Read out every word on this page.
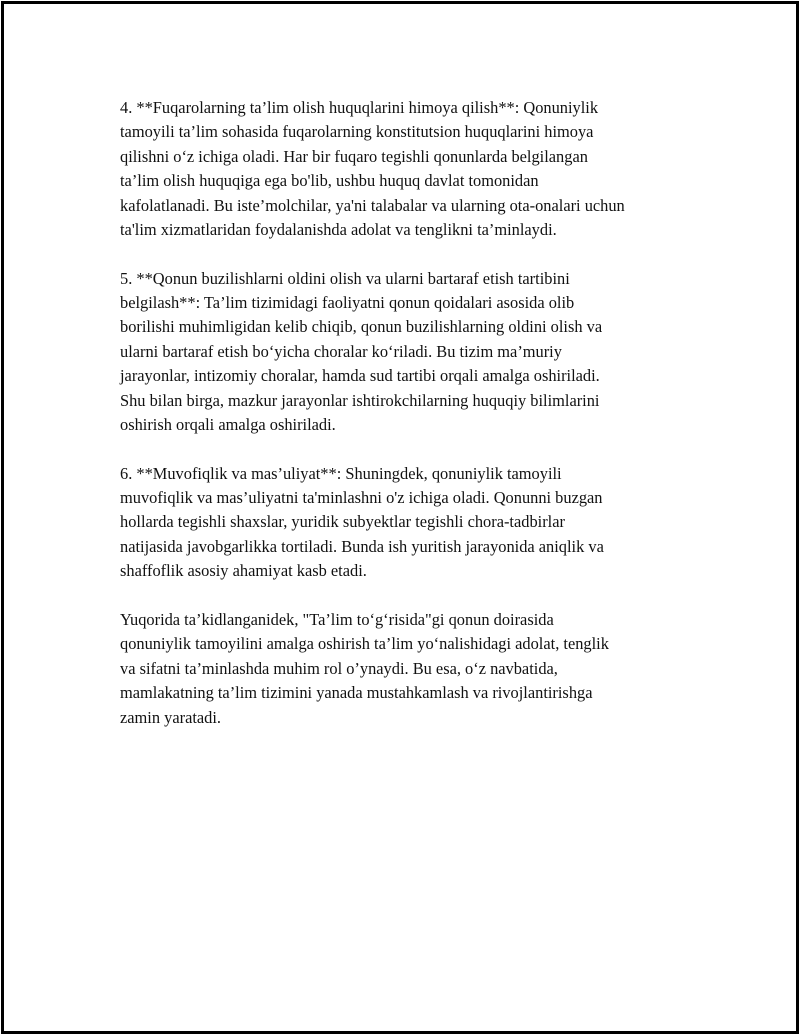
4. **Fuqarolarning ta’lim olish huquqlarini himoya qilish**: Qonuniylik
tamoyili ta’lim sohasida fuqarolarning konstitutsion huquqlarini himoya
qilishni o‘z ichiga oladi. Har bir fuqaro tegishli qonunlarda belgilangan
ta’lim olish huquqiga ega bo'lib, ushbu huquq davlat tomonidan
kafolatlanadi. Bu iste’molchilar, ya'ni talabalar va ularning ota-onalari uchun
ta'lim xizmatlaridan foydalanishda adolat va tenglikni ta’minlaydi.

5. **Qonun buzilishlarni oldini olish va ularni bartaraf etish tartibini
belgilash**: Ta’lim tizimidagi faoliyatni qonun qoidalari asosida olib
borilishi muhimligidan kelib chiqib, qonun buzilishlarning oldini olish va
ularni bartaraf etish bo‘yicha choralar ko‘riladi. Bu tizim ma’muriy
jarayonlar, intizomiy choralar, hamda sud tartibi orqali amalga oshiriladi.
Shu bilan birga, mazkur jarayonlar ishtirokchilarning huquqiy bilimlarini
oshirish orqali amalga oshiriladi.

6. **Muvofiqlik va mas’uliyat**: Shuningdek, qonuniylik tamoyili
muvofiqlik va mas’uliyatni ta'minlashni o'z ichiga oladi. Qonunni buzgan
hollarda tegishli shaxslar, yuridik subyektlar tegishli chora-tadbirlar
natijasida javobgarlikka tortiladi. Bunda ish yuritish jarayonida aniqlik va
shaffoflik asosiy ahamiyat kasb etadi.

Yuqorida ta’kidlanganidek, "Ta’lim to‘g‘risida"gi qonun doirasida
qonuniylik tamoyilini amalga oshirish ta’lim yo‘nalishidagi adolat, tenglik
va sifatni ta’minlashda muhim rol o’ynaydi. Bu esa, o‘z navbatida,
mamlakatning ta’lim tizimini yanada mustahkamlash va rivojlantirishga
zamin yaratadi.
